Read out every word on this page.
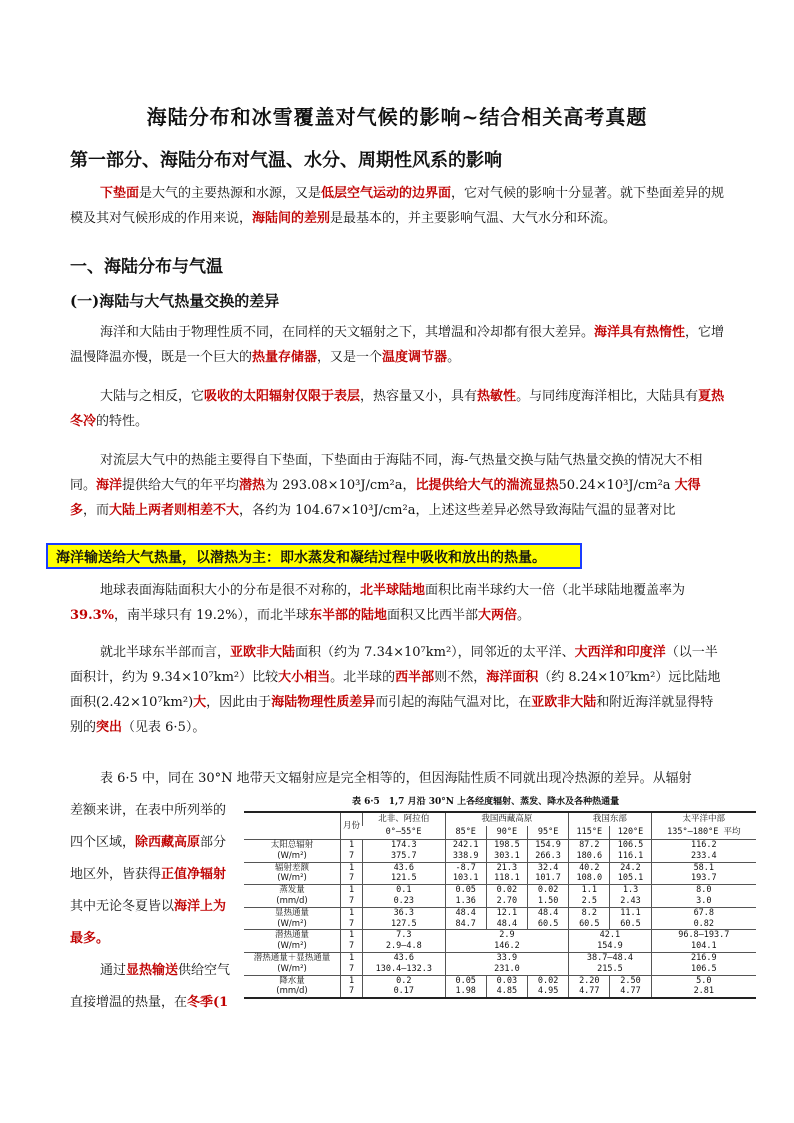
海陆分布和冰雪覆盖对气候的影响~结合相关高考真题
第一部分、海陆分布对气温、水分、周期性风系的影响
下垫面是大气的主要热源和水源，又是低层空气运动的边界面，它对气候的影响十分显著。就下垫面差异的规模及其对气候形成的作用来说，海陆间的差别是最基本的，并主要影响气温、大气水分和环流。
一、海陆分布与气温
(一)海陆与大气热量交换的差异
海洋和大陆由于物理性质不同，在同样的天文辐射之下，其增温和冷却都有很大差异。海洋具有热惰性，它增温慢降温亦慢，既是一个巨大的热量存储器，又是一个温度调节器。
大陆与之相反，它吸收的太阳辐射仅限于表层，热容量又小，具有热敏性。与同纬度海洋相比，大陆具有夏热冬冷的特性。
对流层大气中的热能主要得自下垫面，下垫面由于海陆不同，海-气热量交换与陆气热量交换的情况大不相同。海洋提供给大气的年平均潜热为 293.08×10³J/cm²a，比提供给大气的湍流显热50.24×10³J/cm²a 大得多，而大陆上两者则相差不大，各约为 104.67×10³J/cm²a，上述这些差异必然导致海陆气温的显著对比
海洋输送给大气热量，以潜热为主：即水蒸发和凝结过程中吸收和放出的热量。
地球表面海陆面积大小的分布是很不对称的，北半球陆地面积比南半球约大一倍（北半球陆地覆盖率为39.3%，南半球只有 19.2%），而北半球东半部的陆地面积又比西半部大两倍。
就北半球东半部而言，亚欧非大陆面积（约为 7.34×10⁷km²），同邻近的太平洋、大西洋和印度洋（以一半面积计，约为 9.34×10⁷km²）比较大小相当。北半球的西半部则不然，海洋面积（约 8.24×10⁷km²）远比陆地面积(2.42×10⁷km²)大，因此由于海陆物理性质差异而引起的海陆气温对比，在亚欧非大陆和附近海洋就显得特别的突出（见表 6·5）。
表 6·5 中，同在 30°N 地带天文辐射应是完全相等的，但因海陆性质不同就出现冷热源的差异。从辐射
差额来讲，在表中所列举的
四个区域，除西藏高原部分
地区外，皆获得正值净辐射
其中无论冬夏皆以海洋上为
最多。
通过显热输送供给空气
直接增温的热量，在冬季(1
表 6·5　1,7 月沿 30°N 上各经度辐射、蒸发、降水及各种热通量
	月份	北非、阿拉伯	我国西藏高原			我国东部		太平洋中部
		0°—55°E	85°E	90°E	95°E	115°E	120°E	135°—180°E 平均
太阳总辐射	1	174.3	242.1	198.5	154.9	87.2	106.5	116.2
(W/m²)	7	375.7	338.9	303.1	266.3	180.6	116.1	233.4
辐射差额	1	43.6	-8.7	21.3	32.4	40.2	24.2	58.1
(W/m²)	7	121.5	103.1	118.1	101.7	108.0	105.1	193.7
蒸发量	1	0.1	0.05	0.02	0.02	1.1	1.3	8.0
(mm/d)	7	0.23	1.36	2.70	1.50	2.5	2.43	3.0
显热通量	1	36.3	48.4	12.1	48.4	8.2	11.1	67.8
(W/m²)	7	127.5	84.7	48.4	60.5	60.5	60.5	0.82
潜热通量	1	7.3	2.9			42.1		96.8—193.7
(W/m²)	7	2.9—4.8	146.2			154.9		104.1
潜热通量＋显热通量	1	43.6	33.9			38.7—48.4		216.9
(W/m²)	7	130.4—132.3	231.0			215.5		106.5
降水量	1	0.2	0.05	0.03	0.02	2.20	2.50	5.0
(mm/d)	7	0.17	1.98	4.85	4.95	4.77	4.77	2.81
